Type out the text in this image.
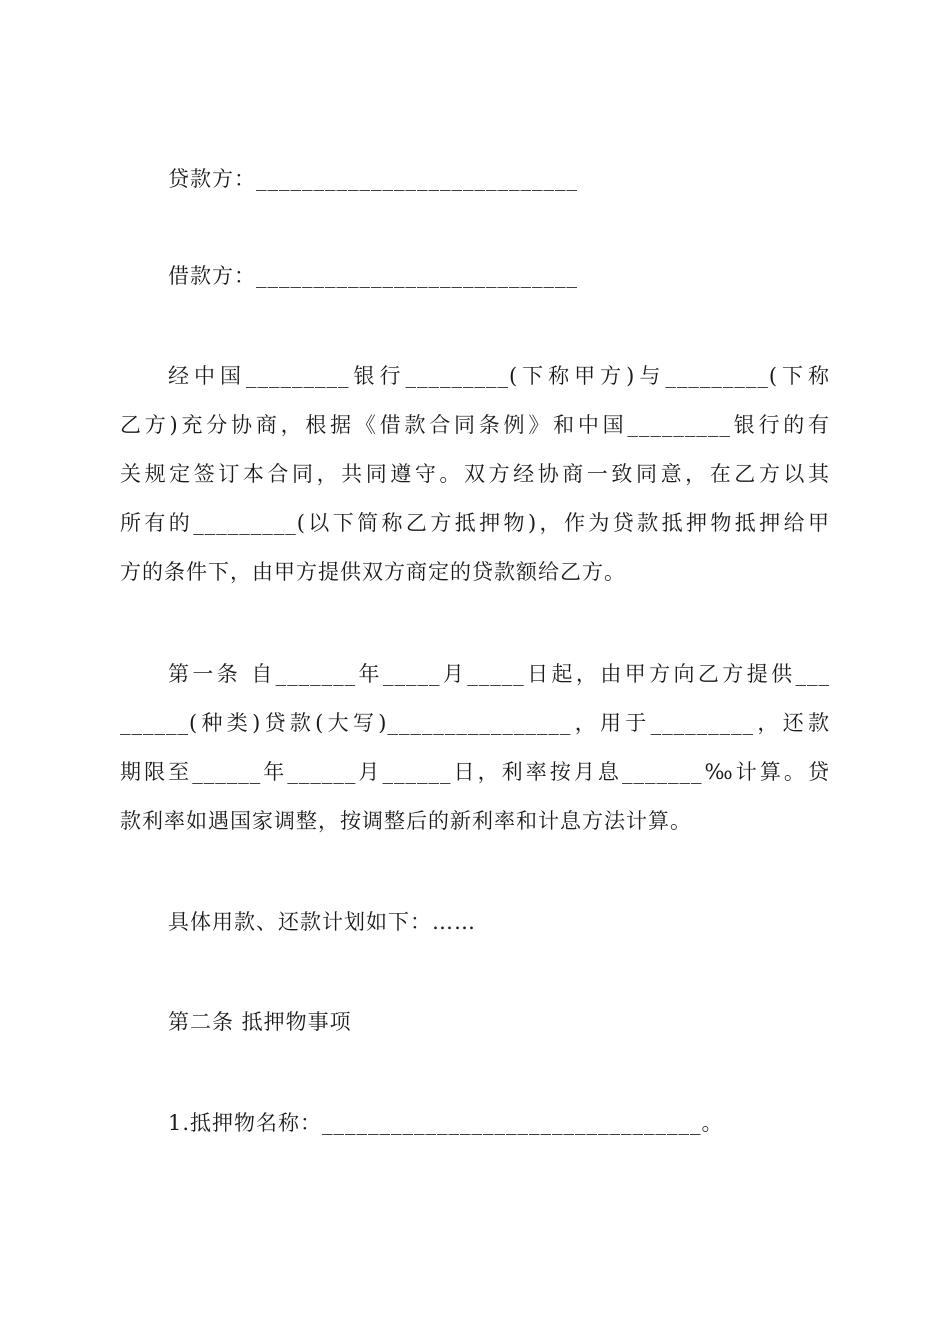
贷款方：____________________________
借款方：____________________________
经中国_________银行_________(下称甲方)与_________(下称
乙方)充分协商，根据《借款合同条例》和中国_________银行的有
关规定签订本合同，共同遵守。双方经协商一致同意，在乙方以其
所有的_________(以下简称乙方抵押物)，作为贷款抵押物抵押给甲
方的条件下，由甲方提供双方商定的贷款额给乙方。
第一条 自_______年_____月_____日起，由甲方向乙方提供___
______(种类)贷款(大写)________________，用于_________，还款
期限至______年______月______日，利率按月息_______‰计算。贷
款利率如遇国家调整，按调整后的新利率和计息方法计算。
具体用款、还款计划如下：……
第二条 抵押物事项
1.抵押物名称：_________________________________。
